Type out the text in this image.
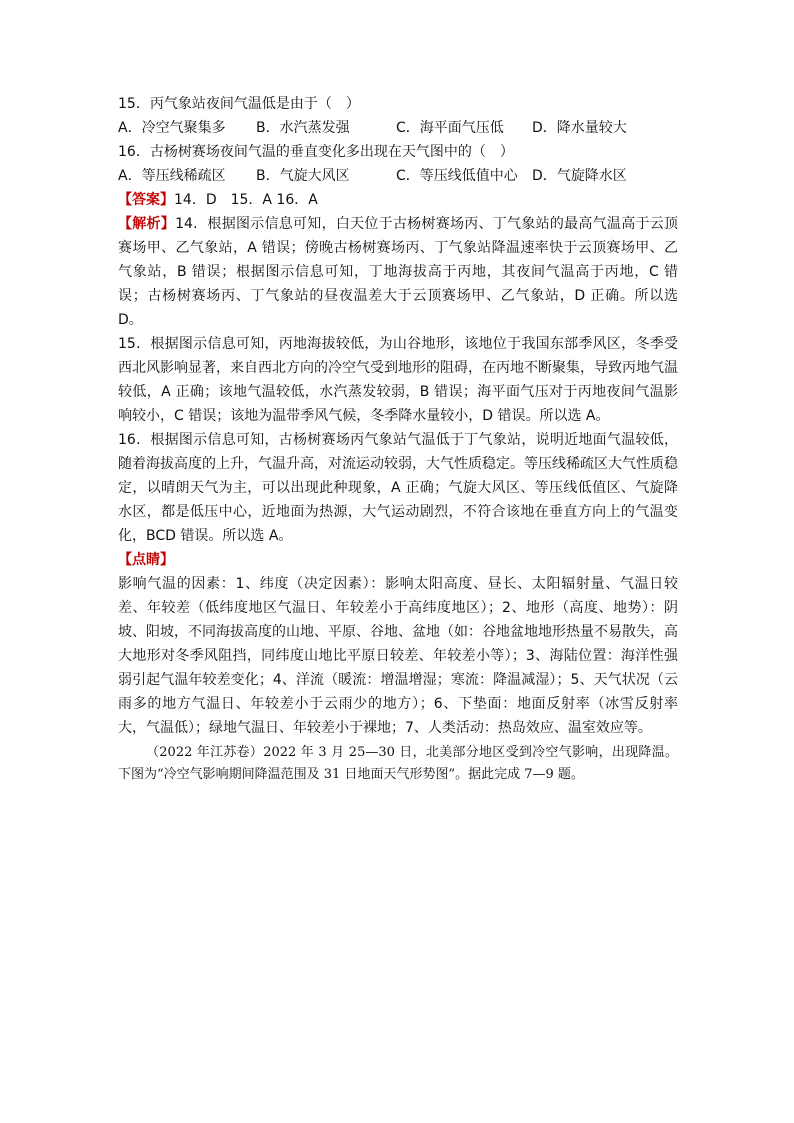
15．丙气象站夜间气温低是由于（　）
A．冷空气聚集多	B．水汽蒸发强	C．海平面气压低	D．降水量较大
16．古杨树赛场夜间气温的垂直变化多出现在天气图中的（　）
A．等压线稀疏区	B．气旋大风区	C．等压线低值中心	D．气旋降水区
【答案】14．D　15．A 16．A
【解析】14．根据图示信息可知，白天位于古杨树赛场丙、丁气象站的最高气温高于云顶赛场甲、乙气象站，A 错误；傍晚古杨树赛场丙、丁气象站降温速率快于云顶赛场甲、乙气象站，B 错误；根据图示信息可知，丁地海拔高于丙地，其夜间气温高于丙地，C 错误；古杨树赛场丙、丁气象站的昼夜温差大于云顶赛场甲、乙气象站，D 正确。所以选 D。
15．根据图示信息可知，丙地海拔较低，为山谷地形，该地位于我国东部季风区，冬季受西北风影响显著，来自西北方向的冷空气受到地形的阻碍，在丙地不断聚集，导致丙地气温较低，A 正确；该地气温较低，水汽蒸发较弱，B 错误；海平面气压对于丙地夜间气温影响较小，C 错误；该地为温带季风气候，冬季降水量较小，D 错误。所以选 A。
16．根据图示信息可知，古杨树赛场丙气象站气温低于丁气象站，说明近地面气温较低，随着海拔高度的上升，气温升高，对流运动较弱，大气性质稳定。等压线稀疏区大气性质稳定，以晴朗天气为主，可以出现此种现象，A 正确；气旋大风区、等压线低值区、气旋降水区，都是低压中心，近地面为热源，大气运动剧烈，不符合该地在垂直方向上的气温变化，BCD 错误。所以选 A。
【点睛】
影响气温的因素：1、纬度（决定因素）：影响太阳高度、昼长、太阳辐射量、气温日较差、年较差（低纬度地区气温日、年较差小于高纬度地区）；2、地形（高度、地势）：阴坡、阳坡，不同海拔高度的山地、平原、谷地、盆地（如：谷地盆地地形热量不易散失，高大地形对冬季风阻挡，同纬度山地比平原日较差、年较差小等）；3、海陆位置：海洋性强弱引起气温年较差变化；4、洋流（暖流：增温增湿；寒流：降温减湿）；5、天气状况（云雨多的地方气温日、年较差小于云雨少的地方）；6、下垫面：地面反射率（冰雪反射率大，气温低）；绿地气温日、年较差小于裸地；7、人类活动：热岛效应、温室效应等。
（2022 年江苏卷）2022 年 3 月 25—30 日，北美部分地区受到冷空气影响，出现降温。下图为“冷空气影响期间降温范围及 31 日地面天气形势图”。据此完成 7—9 题。
